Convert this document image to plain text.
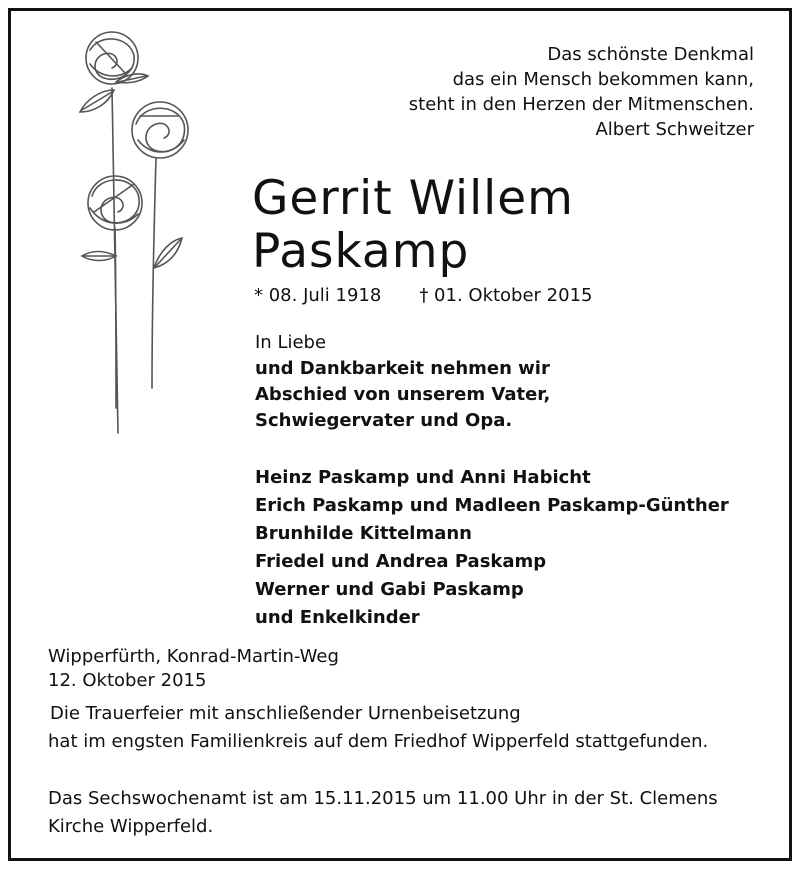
Das schönste Denkmal
das ein Mensch bekommen kann,
steht in den Herzen der Mitmenschen.
Albert Schweitzer
Gerrit Willem
Paskamp
* 08. Juli 1918 † 01. Oktober 2015
In Liebe
und Dankbarkeit nehmen wir
Abschied von unserem Vater,
Schwiegervater und Opa.
Heinz Paskamp und Anni Habicht
Erich Paskamp und Madleen Paskamp-Günther
Brunhilde Kittelmann
Friedel und Andrea Paskamp
Werner und Gabi Paskamp
und Enkelkinder
Wipperfürth, Konrad-Martin-Weg
12. Oktober 2015
Die Trauerfeier mit anschließender Urnenbeisetzung
hat im engsten Familienkreis auf dem Friedhof Wipperfeld stattgefunden.
Das Sechswochenamt ist am 15.11.2015 um 11.00 Uhr in der St. Clemens
Kirche Wipperfeld.
